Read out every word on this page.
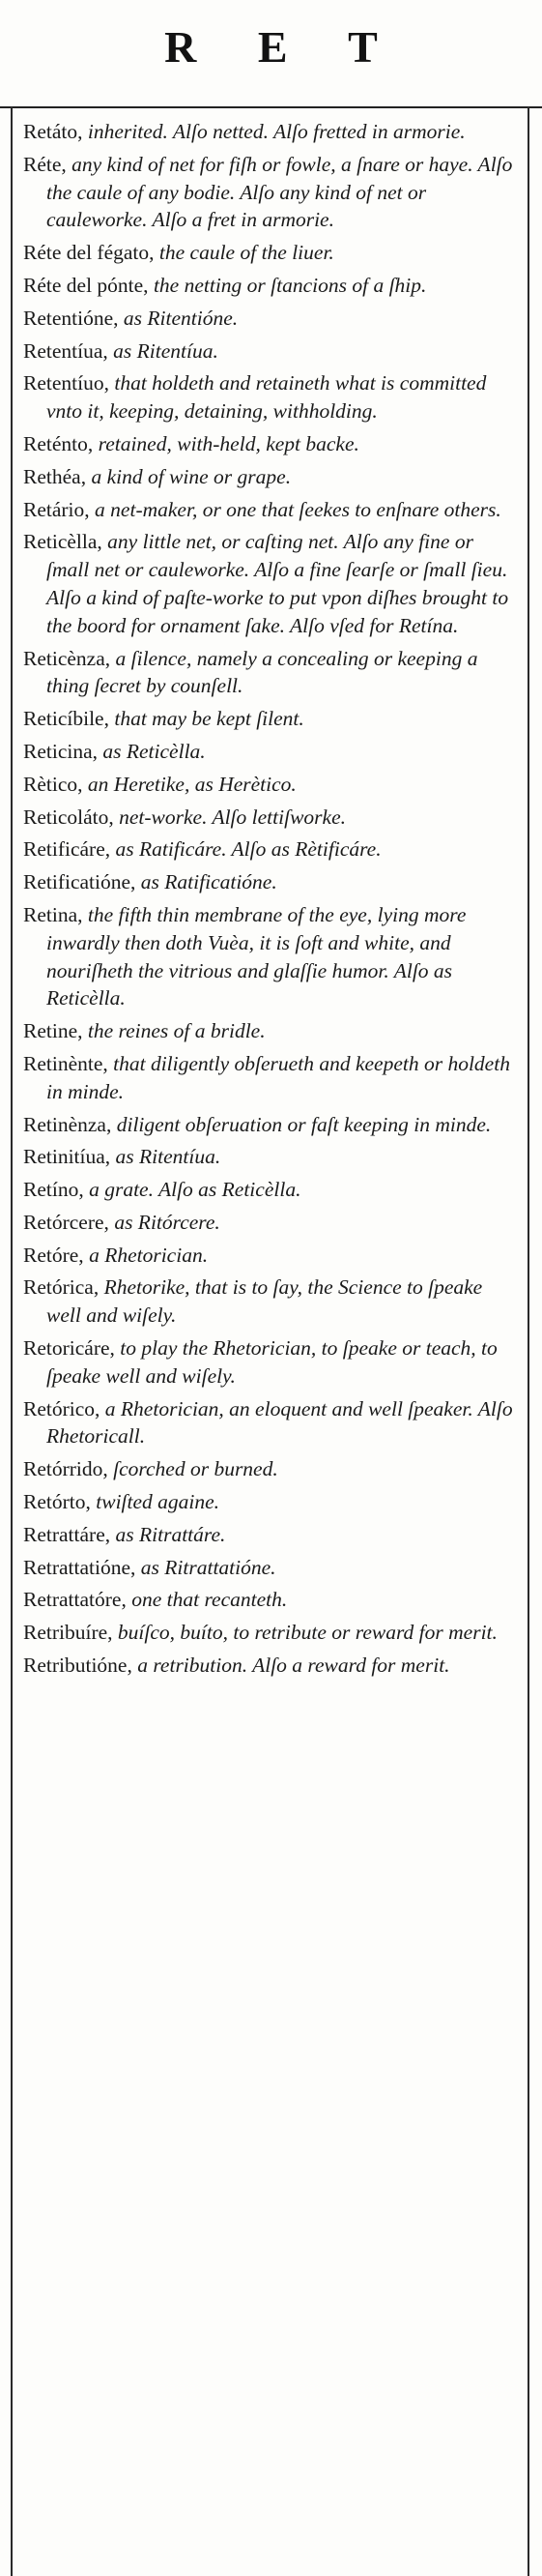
R E T
Retáto, inherited. Alſo netted. Alſo fretted in armorie.
Réte, any kind of net for fiſh or fowle, a ſnare or haye. Alſo the caule of any bodie. Alſo any kind of net or cauleworke. Alſo a fret in armorie.
Réte del fégato, the caule of the liuer.
Réte del pónte, the netting or ſtancions of a ſhip.
Retentióne, as Ritentióne.
Retentíua, as Ritentíua.
Retentíuo, that holdeth and retaineth what is committed vnto it, keeping, detaining, withholding.
Reténto, retained, with-held, kept backe.
Rethéa, a kind of wine or grape.
Retário, a net-maker, or one that ſeekes to enſnare others.
Reticèlla, any little net, or caſting net. Alſo any fine or ſmall net or cauleworke. Alſo a fine ſearſe or ſmall ſieu. Alſo a kind of paſte-worke to put vpon diſhes brought to the boord for ornament ſake. Alſo vſed for Retína.
Reticènza, a ſilence, namely a concealing or keeping a thing ſecret by counſell.
Reticíbile, that may be kept ſilent.
Reticina, as Reticèlla.
Rètico, an Heretike, as Herètico.
Reticoláto, net-worke. Alſo lettiſworke.
Retificáre, as Ratificáre. Alſo as Rètificáre.
Retificatióne, as Ratificatióne.
Retina, the fifth thin membrane of the eye, lying more inwardly then doth Vuèa, it is ſoft and white, and nouriſheth the vitrious and glaſſie humor. Alſo as Reticèlla.
Retine, the reines of a bridle.
Retinènte, that diligently obſerueth and keepeth or holdeth in minde.
Retinènza, diligent obſeruation or faſt keeping in minde.
Retinitíua, as Ritentíua.
Retíno, a grate. Alſo as Reticèlla.
Retórcere, as Ritórcere.
Retóre, a Rhetorician.
Retórica, Rhetorike, that is to ſay, the Science to ſpeake well and wiſely.
Retoricáre, to play the Rhetorician, to ſpeake or teach, to ſpeake well and wiſely.
Retórico, a Rhetorician, an eloquent and well ſpeaker. Alſo Rhetoricall.
Retórrido, ſcorched or burned.
Retórto, twiſted againe.
Retrattáre, as Ritrattáre.
Retrattatióne, as Ritrattatióne.
Retrattatóre, one that recanteth.
Retribuíre, buíſco, buíto, to retribute or reward for merit.
Retributióne, a retribution. Alſo a reward for merit.
